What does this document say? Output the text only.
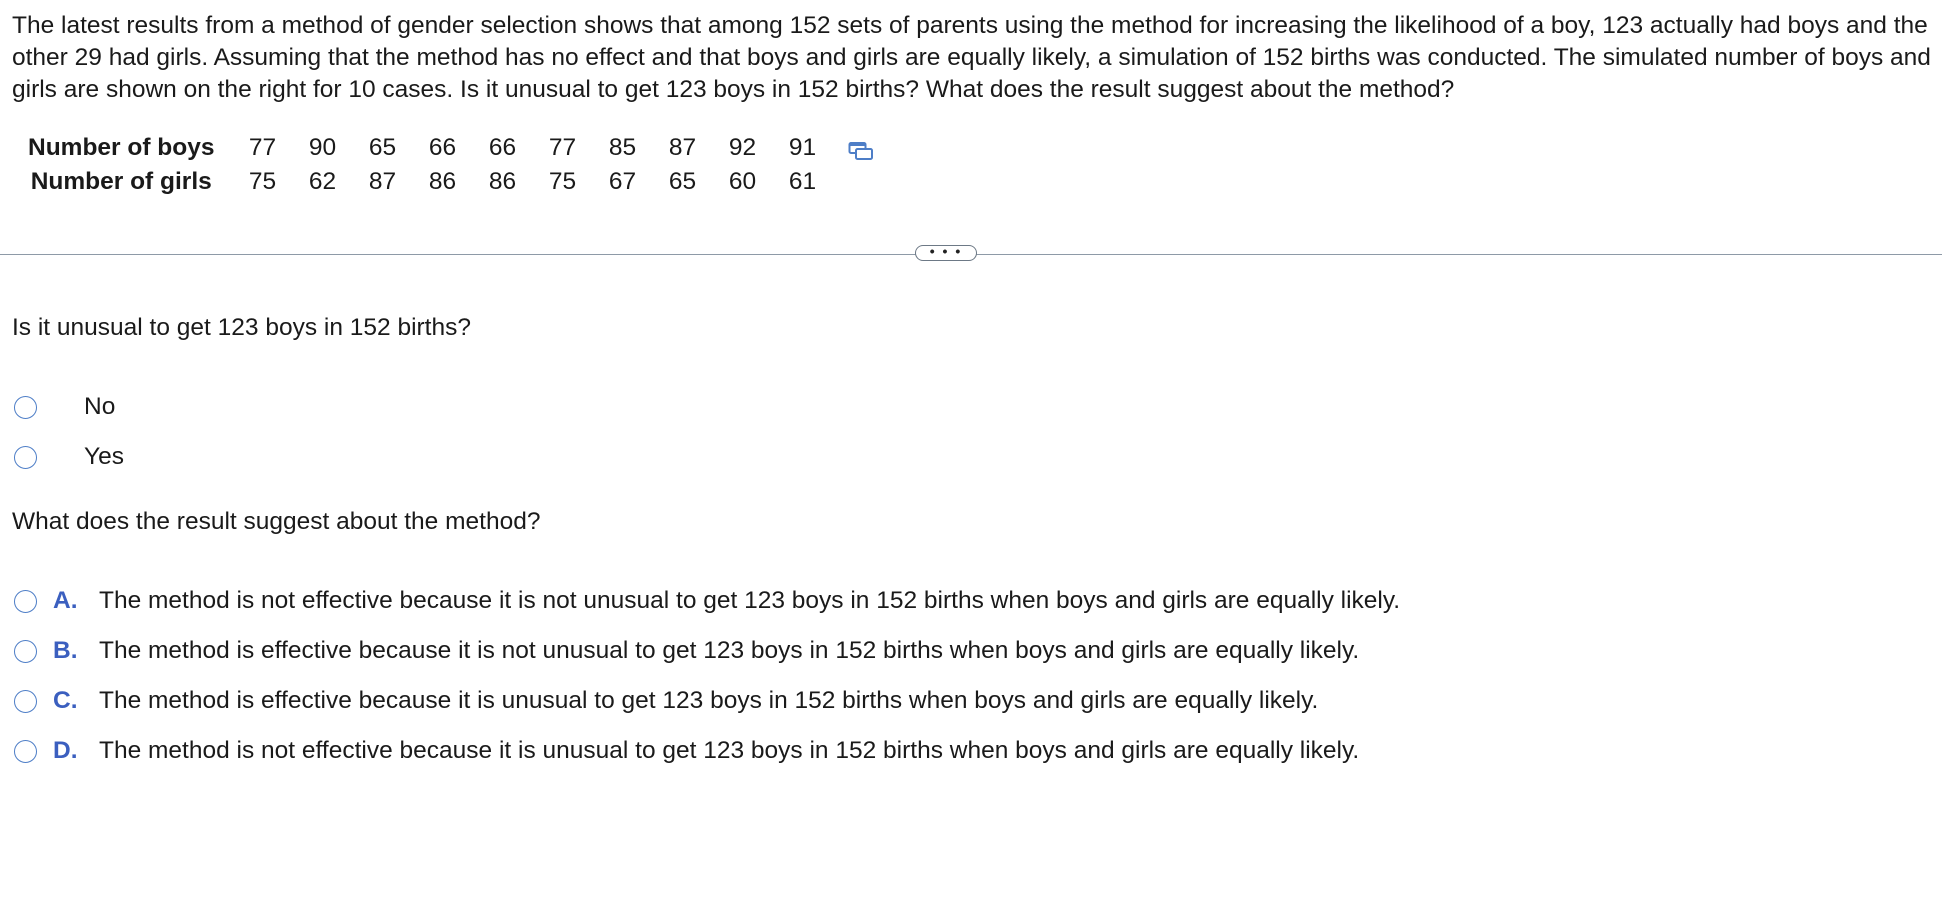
The latest results from a method of gender selection shows that among 152 sets of parents using the method for increasing the likelihood of a boy, 123 actually had boys and the other 29 had girls. Assuming that the method has no effect and that boys and girls are equally likely, a simulation of 152 births was conducted. The simulated number of boys and girls are shown on the right for 10 cases. Is it unusual to get 123 boys in 152 births? What does the result suggest about the method?
Number of boys	77	90	65	66	66	77	85	87	92	91
Number of girls	75	62	87	86	86	75	67	65	60	61
• • •
Is it unusual to get 123 boys in 152 births?
No
Yes
What does the result suggest about the method?
A. The method is not effective because it is not unusual to get 123 boys in 152 births when boys and girls are equally likely.
B. The method is effective because it is not unusual to get 123 boys in 152 births when boys and girls are equally likely.
C. The method is effective because it is unusual to get 123 boys in 152 births when boys and girls are equally likely.
D. The method is not effective because it is unusual to get 123 boys in 152 births when boys and girls are equally likely.
